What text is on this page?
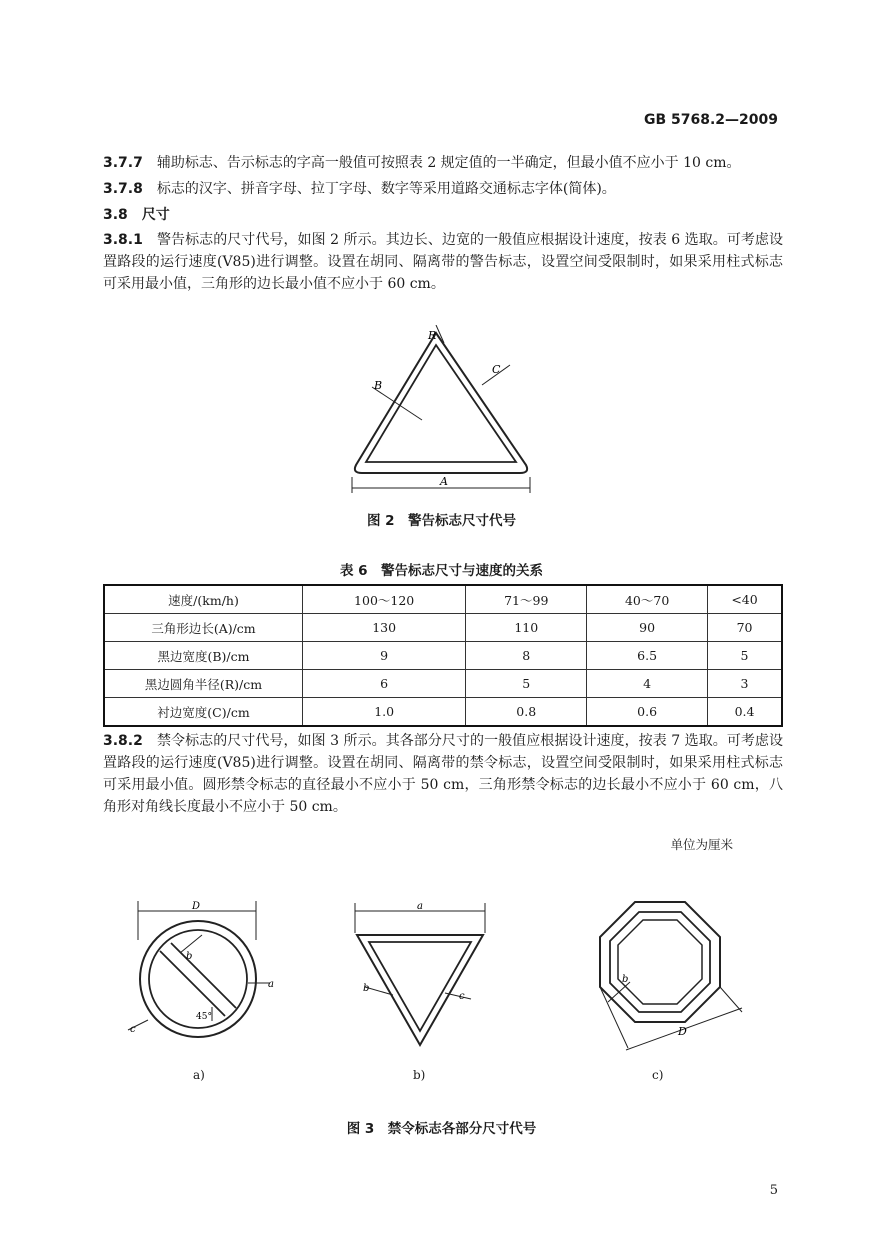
GB 5768.2—2009

3.7.7　 辅助标志、告示标志的字高一般值可按照表 2 规定值的一半确定，但最小值不应小于 10 cm。

3.7.8　 标志的汉字、拼音字母、拉丁字母、数字等采用道路交通标志字体(简体)。

3.8　 尺寸

3.8.1　 警告标志的尺寸代号，如图 2 所示。其边长、边宽的一般值应根据设计速度，按表 6 选取。可考虑设置路段的运行速度(V85)进行调整。设置在胡同、隔离带的警告标志，设置空间受限制时，如果采用柱式标志可采用最小值，三角形的边长最小值不应小于 60 cm。

R
B
C
A
图 2　警告标志尺寸代号
表 6　警告标志尺寸与速度的关系
速度/(km/h)	100～120	71～99	40～70	<40
三角形边长(A)/cm	130	110	90	70
黑边宽度(B)/cm	9	8	6.5	5
黑边圆角半径(R)/cm	6	5	4	3
衬边宽度(C)/cm	1.0	0.8	0.6	0.4

3.8.2　 禁令标志的尺寸代号，如图 3 所示。其各部分尺寸的一般值应根据设计速度，按表 7 选取。可考虑设置路段的运行速度(V85)进行调整。设置在胡同、隔离带的禁令标志，设置空间受限制时，如果采用柱式标志可采用最小值。圆形禁令标志的直径最小不应小于 50 cm，三角形禁令标志的边长最小不应小于 60 cm，八角形对角线长度最小不应小于 50 cm。

单位为厘米
D
b
a
c
45°
a)
a
b
c
b)
b
D
c)
图 3　禁令标志各部分尺寸代号
5
